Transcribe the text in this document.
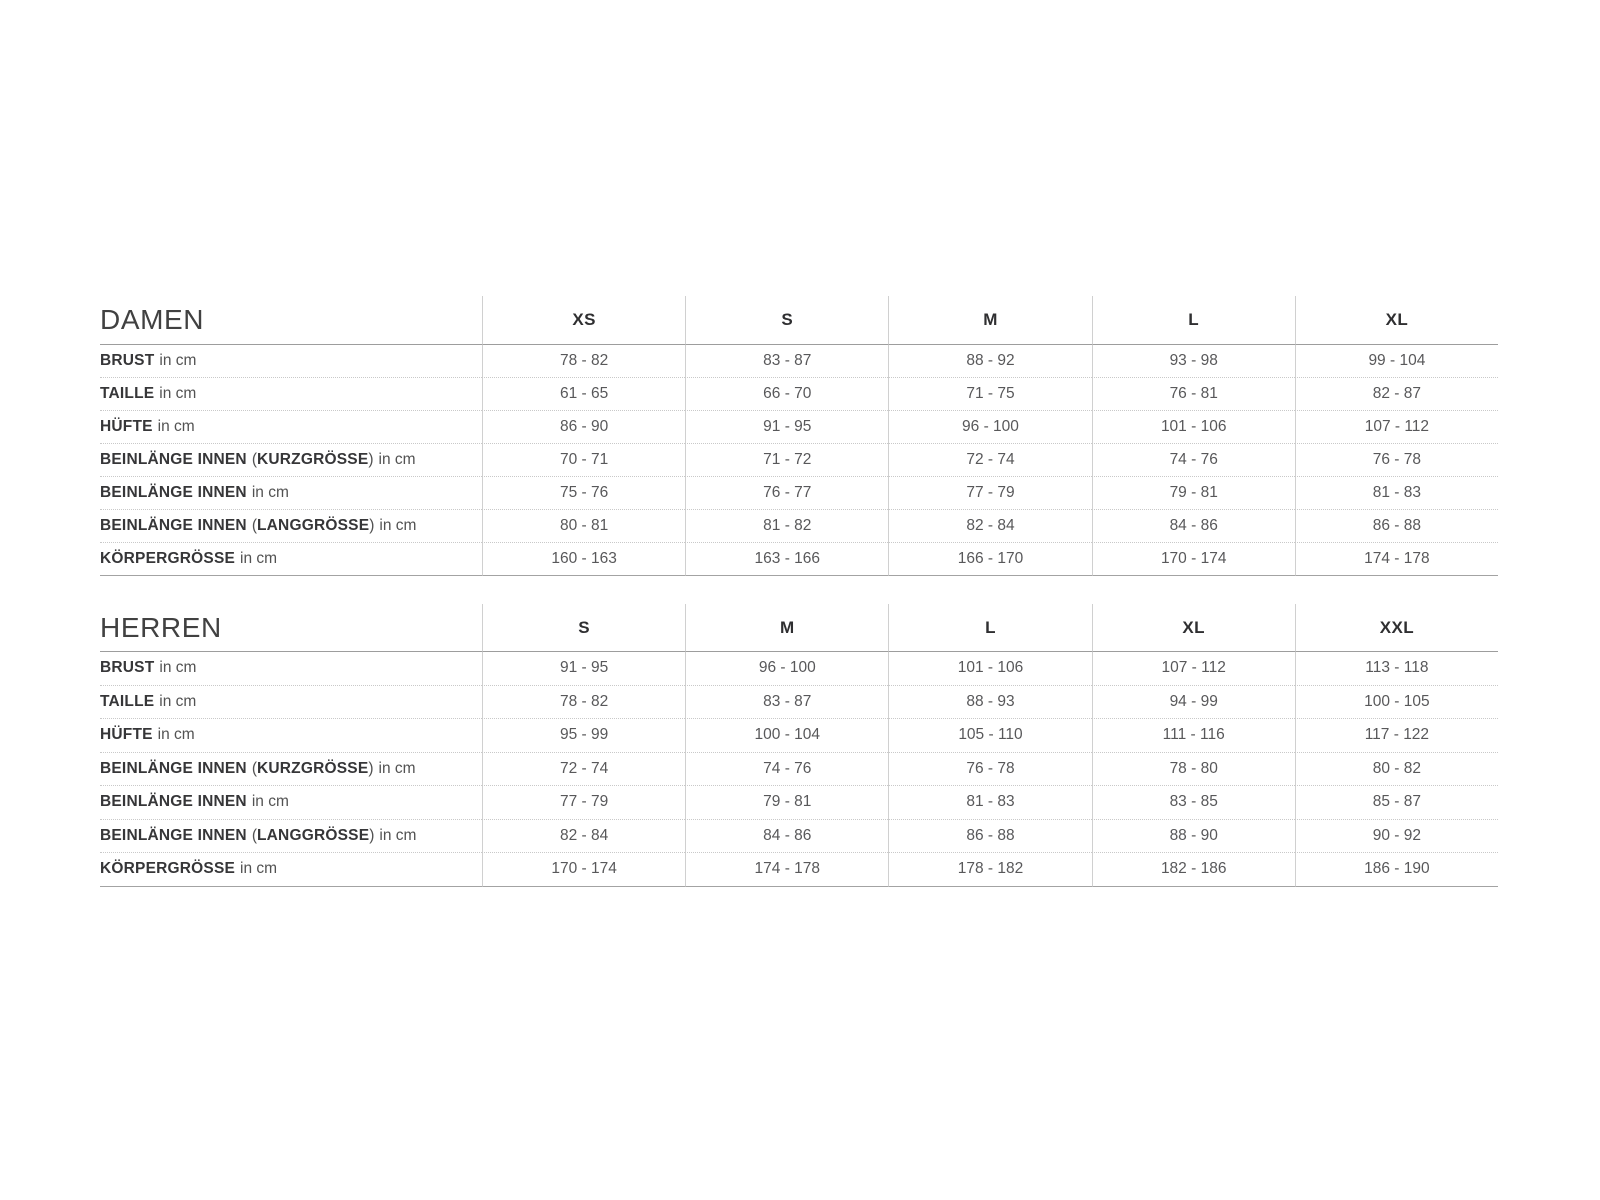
DAMEN	XS	S	M	L	XL
BRUST in cm	78 - 82	83 - 87	88 - 92	93 - 98	99 - 104
TAILLE in cm	61 - 65	66 - 70	71 - 75	76 - 81	82 - 87
HÜFTE in cm	86 - 90	91 - 95	96 - 100	101 - 106	107 - 112
BEINLÄNGE INNEN ( KURZGRÖSSE ) in cm	70 - 71	71 - 72	72 - 74	74 - 76	76 - 78
BEINLÄNGE INNEN in cm	75 - 76	76 - 77	77 - 79	79 - 81	81 - 83
BEINLÄNGE INNEN ( LANGGRÖSSE ) in cm	80 - 81	81 - 82	82 - 84	84 - 86	86 - 88
KÖRPERGRÖSSE in cm	160 - 163	163 - 166	166 - 170	170 - 174	174 - 178
HERREN	S	M	L	XL	XXL
BRUST in cm	91 - 95	96 - 100	101 - 106	107 - 112	113 - 118
TAILLE in cm	78 - 82	83 - 87	88 - 93	94 - 99	100 - 105
HÜFTE in cm	95 - 99	100 - 104	105 - 110	111 - 116	117 - 122
BEINLÄNGE INNEN ( KURZGRÖSSE ) in cm	72 - 74	74 - 76	76 - 78	78 - 80	80 - 82
BEINLÄNGE INNEN in cm	77 - 79	79 - 81	81 - 83	83 - 85	85 - 87
BEINLÄNGE INNEN ( LANGGRÖSSE ) in cm	82 - 84	84 - 86	86 - 88	88 - 90	90 - 92
KÖRPERGRÖSSE in cm	170 - 174	174 - 178	178 - 182	182 - 186	186 - 190
